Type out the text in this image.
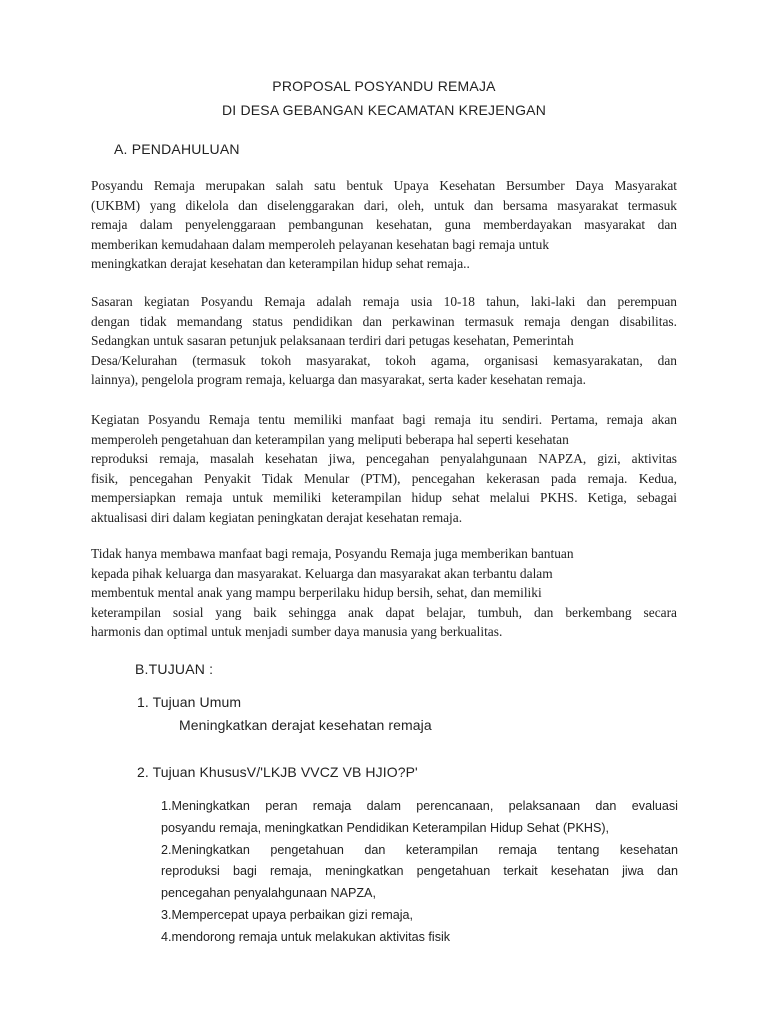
PROPOSAL POSYANDU REMAJA
DI DESA GEBANGAN KECAMATAN KREJENGAN
A. PENDAHULUAN
Posyandu Remaja merupakan salah satu bentuk Upaya Kesehatan Bersumber Daya Masyarakat
(UKBM) yang dikelola dan diselenggarakan dari, oleh, untuk dan bersama masyarakat termasuk
remaja dalam penyelenggaraan pembangunan kesehatan, guna memberdayakan masyarakat dan
memberikan kemudahaan dalam memperoleh pelayanan kesehatan bagi remaja untuk
meningkatkan derajat kesehatan dan keterampilan hidup sehat remaja..
Sasaran kegiatan Posyandu Remaja adalah remaja usia 10-18 tahun, laki-laki dan perempuan
dengan tidak memandang status pendidikan dan perkawinan termasuk remaja dengan disabilitas.
Sedangkan untuk sasaran petunjuk pelaksanaan terdiri dari petugas kesehatan, Pemerintah
Desa/Kelurahan (termasuk tokoh masyarakat, tokoh agama, organisasi kemasyarakatan, dan
lainnya), pengelola program remaja, keluarga dan masyarakat, serta kader kesehatan remaja.
Kegiatan Posyandu Remaja tentu memiliki manfaat bagi remaja itu sendiri. Pertama, remaja akan
memperoleh pengetahuan dan keterampilan yang meliputi beberapa hal seperti kesehatan
reproduksi remaja, masalah kesehatan jiwa, pencegahan penyalahgunaan NAPZA, gizi, aktivitas
fisik, pencegahan Penyakit Tidak Menular (PTM), pencegahan kekerasan pada remaja. Kedua,
mempersiapkan remaja untuk memiliki keterampilan hidup sehat melalui PKHS. Ketiga, sebagai
aktualisasi diri dalam kegiatan peningkatan derajat kesehatan remaja.
Tidak hanya membawa manfaat bagi remaja, Posyandu Remaja juga memberikan bantuan
kepada pihak keluarga dan masyarakat. Keluarga dan masyarakat akan terbantu dalam
membentuk mental anak yang mampu berperilaku hidup bersih, sehat, dan memiliki
keterampilan sosial yang baik sehingga anak dapat belajar, tumbuh, dan berkembang secara
harmonis dan optimal untuk menjadi sumber daya manusia yang berkualitas.
B.TUJUAN :
1. Tujuan Umum
Meningkatkan derajat kesehatan remaja
2. Tujuan KhususV/'LKJB VVCZ VB HJIO?P'
1.Meningkatkan peran remaja dalam perencanaan, pelaksanaan dan evaluasi
posyandu remaja, meningkatkan Pendidikan Keterampilan Hidup Sehat (PKHS),
2.Meningkatkan pengetahuan dan keterampilan remaja tentang kesehatan
reproduksi bagi remaja, meningkatkan pengetahuan terkait kesehatan jiwa dan
pencegahan penyalahgunaan NAPZA,
3.Mempercepat upaya perbaikan gizi remaja,
4.mendorong remaja untuk melakukan aktivitas fisik
